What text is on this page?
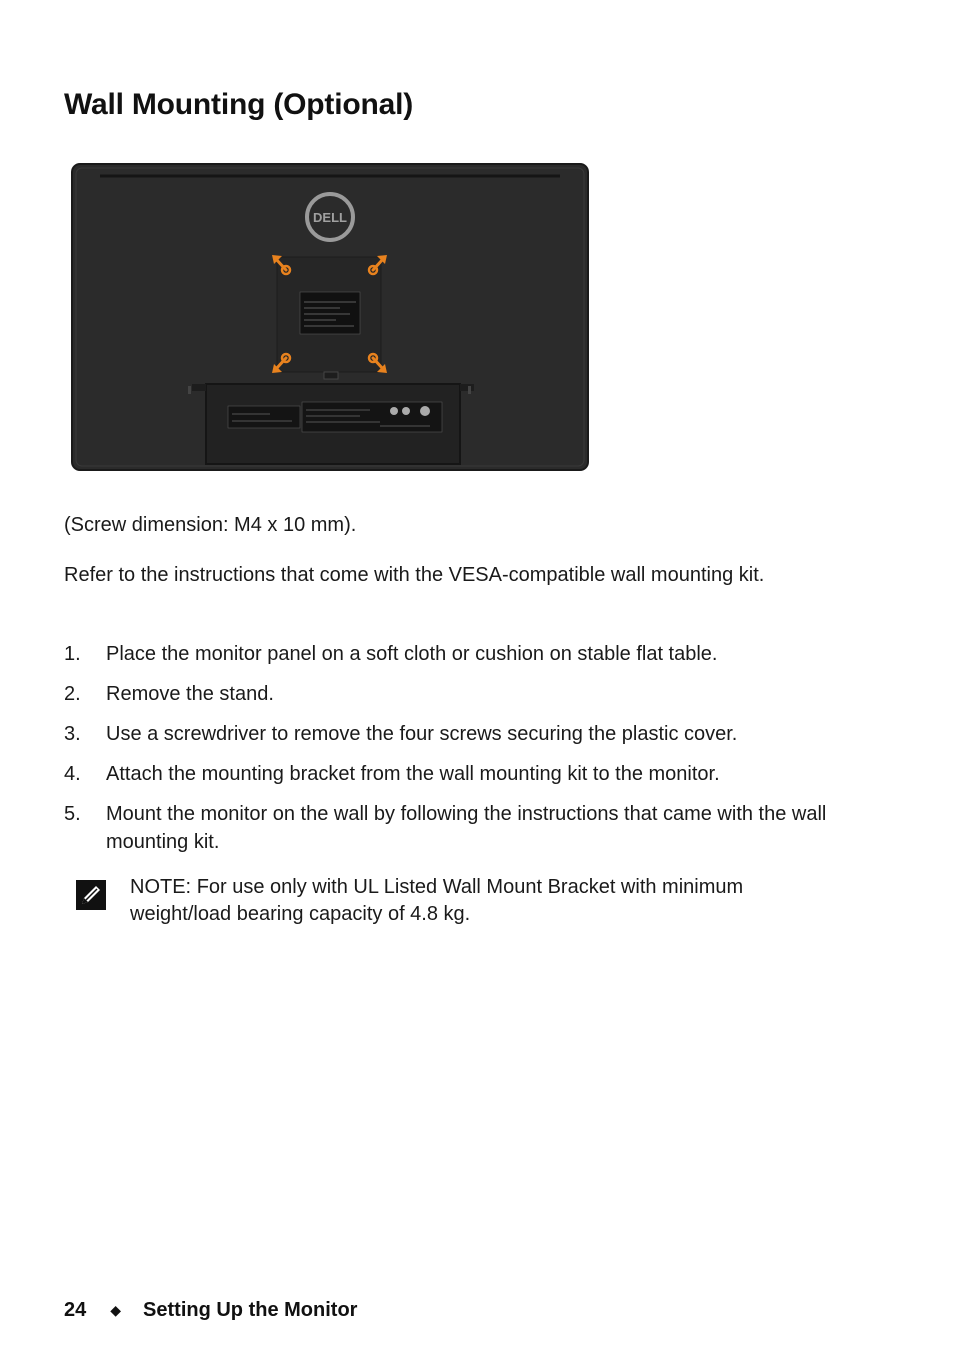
Wall Mounting (Optional)
DELL
(Screw dimension: M4 x 10 mm).
Refer to the instructions that come with the VESA-compatible wall mounting kit.
1.	Place the monitor panel on a soft cloth or cushion on stable flat table.
2.	Remove the stand.
3.	Use a screwdriver to remove the four screws securing the plastic cover.
4.	Attach the mounting bracket from the wall mounting kit to the monitor.
5.	Mount the monitor on the wall by following the instructions that came with the wall mounting kit.
NOTE: For use only with UL Listed Wall Mount Bracket with minimum weight/load bearing capacity of 4.8 kg.
24 ◆ Setting Up the Monitor
